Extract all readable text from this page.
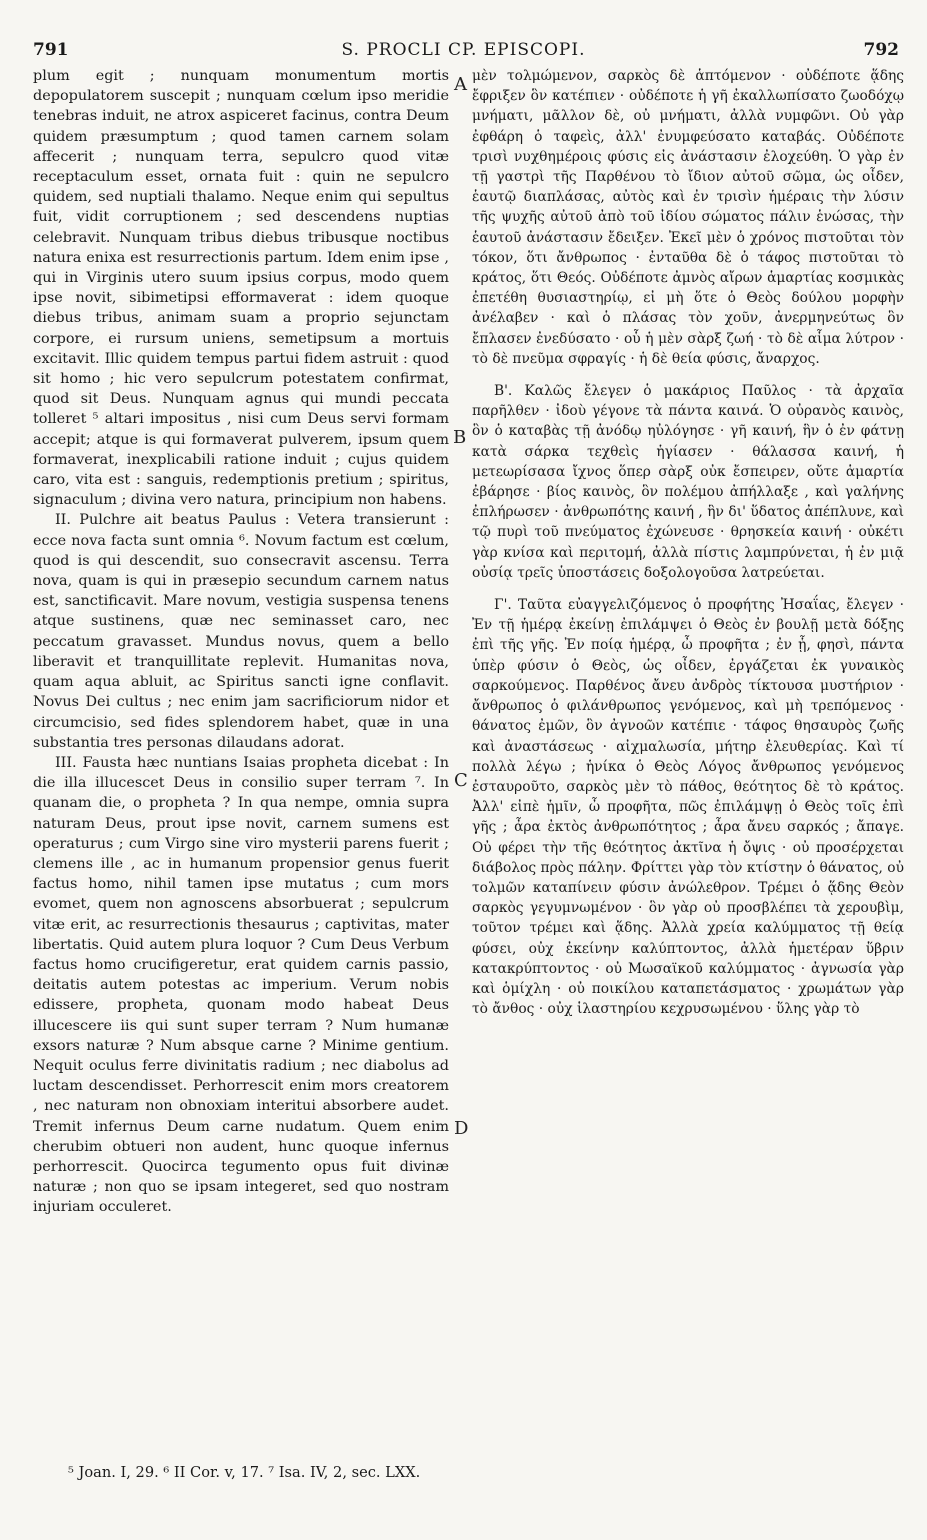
791	S. PROCLI CP. EPISCOPI.	792

plum egit ; nunquam monumentum mortis depopulatorem suscepit ; nunquam cœlum ipso meridie tenebras induit, ne atrox aspiceret facinus, contra Deum quidem præsumptum ; quod tamen carnem solam affecerit ; nunquam terra, sepulcro quod vitæ receptaculum esset, ornata fuit : quin ne sepulcro quidem, sed nuptiali thalamo. Neque enim qui sepultus fuit, vidit corruptionem ; sed descendens nuptias celebravit. Nunquam tribus diebus tribusque noctibus natura enixa est resurrectionis partum. Idem enim ipse , qui in Virginis utero suum ipsius corpus, modo quem ipse novit, sibimetipsi efformaverat : idem quoque diebus tribus, animam suam a proprio sejunctam corpore, ei rursum uniens, semetipsum a mortuis excitavit. Illic quidem tempus partui fidem astruit : quod sit homo ; hic vero sepulcrum potestatem confirmat, quod sit Deus. Nunquam agnus qui mundi peccata tolleret ⁵ altari impositus , nisi cum Deus servi formam accepit; atque is qui formaverat pulverem, ipsum quem formaverat, inexplicabili ratione induit ; cujus quidem caro, vita est : sanguis, redemptionis pretium ; spiritus, signaculum ; divina vero natura, principium non habens.

II. Pulchre ait beatus Paulus : Vetera transierunt : ecce nova facta sunt omnia ⁶. Novum factum est cœlum, quod is qui descendit, suo consecravit ascensu. Terra nova, quam is qui in præsepio secundum carnem natus est, sanctificavit. Mare novum, vestigia suspensa tenens atque sustinens, quæ nec seminasset caro, nec peccatum gravasset. Mundus novus, quem a bello liberavit et tranquillitate replevit. Humanitas nova, quam aqua abluit, ac Spiritus sancti igne conflavit. Novus Dei cultus ; nec enim jam sacrificiorum nidor et circumcisio, sed fides splendorem habet, quæ in una substantia tres personas dilaudans adorat.

III. Fausta hæc nuntians Isaias propheta dicebat : In die illa illucescet Deus in consilio super terram ⁷. In quanam die, o propheta ? In qua nempe, omnia supra naturam Deus, prout ipse novit, carnem sumens est operaturus ; cum Virgo sine viro mysterii parens fuerit ; clemens ille , ac in humanum propensior genus fuerit factus homo, nihil tamen ipse mutatus ; cum mors evomet, quem non agnoscens absorbuerat ; sepulcrum vitæ erit, ac resurrectionis thesaurus ; captivitas, mater libertatis. Quid autem plura loquor ? Cum Deus Verbum factus homo crucifigeretur, erat quidem carnis passio, deitatis autem potestas ac imperium. Verum nobis edissere, propheta, quonam modo habeat Deus illucescere iis qui sunt super terram ? Num humanæ exsors naturæ ? Num absque carne ? Minime gentium. Nequit oculus ferre divinitatis radium ; nec diabolus ad luctam descendisset. Perhorrescit enim mors creatorem , nec naturam non obnoxiam interitui absorbere audet. Tremit infernus Deum carne nudatum. Quem enim cherubim obtueri non audent, hunc quoque infernus perhorrescit. Quocirca tegumento opus fuit divinæ naturæ ; non quo se ipsam integeret, sed quo nostram injuriam occuleret.

A
B
C
D

μὲν τολμώμενον, σαρκὸς δὲ ἁπτόμενον · οὐδέποτε ᾅδης ἔφριξεν ὃν κατέπιεν · οὐδέποτε ἡ γῆ ἐκαλλωπίσατο ζωοδόχῳ μνήματι, μᾶλλον δὲ, οὐ μνήματι, ἀλλὰ νυμφῶνι. Οὐ γὰρ ἐφθάρη ὁ ταφεὶς, ἀλλ' ἐνυμφεύσατο καταβάς. Οὐδέποτε τρισὶ νυχθημέροις φύσις εἰς ἀνάστασιν ἐλοχεύθη. Ὁ γὰρ ἐν τῇ γαστρὶ τῆς Παρθένου τὸ ἴδιον αὐτοῦ σῶμα, ὡς οἶδεν, ἑαυτῷ διαπλάσας, αὐτὸς καὶ ἐν τρισὶν ἡμέραις τὴν λύσιν τῆς ψυχῆς αὐτοῦ ἀπὸ τοῦ ἰδίου σώματος πάλιν ἑνώσας, τὴν ἑαυτοῦ ἀνάστασιν ἔδειξεν. Ἐκεῖ μὲν ὁ χρόνος πιστοῦται τὸν τόκον, ὅτι ἄνθρωπος · ἐνταῦθα δὲ ὁ τάφος πιστοῦται τὸ κράτος, ὅτι Θεός. Οὐδέποτε ἀμνὸς αἴρων ἁμαρτίας κοσμικὰς ἐπετέθη θυσιαστηρίῳ, εἰ μὴ ὅτε ὁ Θεὸς δούλου μορφὴν ἀνέλαβεν · καὶ ὁ πλάσας τὸν χοῦν, ἀνερμηνεύτως ὃν ἔπλασεν ἐνεδύσατο · οὗ ἡ μὲν σὰρξ ζωή · τὸ δὲ αἷμα λύτρον · τὸ δὲ πνεῦμα σφραγίς · ἡ δὲ θεία φύσις, ἄναρχος.

Β'. Καλῶς ἔλεγεν ὁ μακάριος Παῦλος · τὰ ἀρχαῖα παρῆλθεν · ἰδοὺ γέγονε τὰ πάντα καινά. Ὁ οὐρανὸς καινὸς, ὃν ὁ καταβὰς τῇ ἀνόδῳ ηὐλόγησε · γῆ καινή, ἣν ὁ ἐν φάτνῃ κατὰ σάρκα τεχθεὶς ἡγίασεν · θάλασσα καινή, ἡ μετεωρίσασα ἴχνος ὅπερ σὰρξ οὐκ ἔσπειρεν, οὔτε ἁμαρτία ἐβάρησε · βίος καινὸς, ὃν πολέμου ἀπήλλαξε , καὶ γαλήνης ἐπλήρωσεν · ἀνθρωπότης καινή , ἣν δι' ὕδατος ἀπέπλυνε, καὶ τῷ πυρὶ τοῦ πνεύματος ἐχώνευσε · θρησκεία καινή · οὐκέτι γὰρ κνίσα καὶ περιτομή, ἀλλὰ πίστις λαμπρύνεται, ἡ ἐν μιᾷ οὐσίᾳ τρεῖς ὑποστάσεις δοξολογοῦσα λατρεύεται.

Γ'. Ταῦτα εὐαγγελιζόμενος ὁ προφήτης Ἠσαΐας, ἔλεγεν · Ἐν τῇ ἡμέρᾳ ἐκείνῃ ἐπιλάμψει ὁ Θεὸς ἐν βουλῇ μετὰ δόξης ἐπὶ τῆς γῆς. Ἐν ποίᾳ ἡμέρᾳ, ὦ προφῆτα ; ἐν ᾗ, φησὶ, πάντα ὑπὲρ φύσιν ὁ Θεὸς, ὡς οἶδεν, ἐργάζεται ἐκ γυναικὸς σαρκούμενος. Παρθένος ἄνευ ἀνδρὸς τίκτουσα μυστήριον · ἄνθρωπος ὁ φιλάνθρωπος γενόμενος, καὶ μὴ τρεπόμενος · θάνατος ἐμῶν, ὃν ἀγνοῶν κατέπιε · τάφος θησαυρὸς ζωῆς καὶ ἀναστάσεως · αἰχμαλωσία, μήτηρ ἐλευθερίας. Καὶ τί πολλὰ λέγω ; ἡνίκα ὁ Θεὸς Λόγος ἄνθρωπος γενόμενος ἐσταυροῦτο, σαρκὸς μὲν τὸ πάθος, θεότητος δὲ τὸ κράτος. Ἀλλ' εἰπὲ ἡμῖν, ὦ προφῆτα, πῶς ἐπιλάμψῃ ὁ Θεὸς τοῖς ἐπὶ γῆς ; ἆρα ἐκτὸς ἀνθρωπότητος ; ἆρα ἄνευ σαρκός ; ἄπαγε. Οὐ φέρει τὴν τῆς θεότητος ἀκτῖνα ἡ ὄψις · οὐ προσέρχεται διάβολος πρὸς πάλην. Φρίττει γὰρ τὸν κτίστην ὁ θάνατος, οὐ τολμῶν καταπίνειν φύσιν ἀνώλεθρον. Τρέμει ὁ ᾅδης Θεὸν σαρκὸς γεγυμνωμένον · ὃν γὰρ οὐ προσβλέπει τὰ χερουβὶμ, τοῦτον τρέμει καὶ ᾅδης. Ἀλλὰ χρεία καλύμματος τῇ θείᾳ φύσει, οὐχ ἐκείνην καλύπτοντος, ἀλλὰ ἡμετέραν ὕβριν κατακρύπτοντος · οὐ Μωσαϊκοῦ καλύμματος · ἀγνωσία γὰρ καὶ ὁμίχλη · οὐ ποικίλου καταπετάσματος · χρωμάτων γὰρ τὸ ἄνθος · οὐχ ἱλαστηρίου κεχρυσωμένου · ὕλης γὰρ τὸ

⁵ Joan. I, 29. ⁶ II Cor. v, 17. ⁷ Isa. IV, 2, sec. LXX.
